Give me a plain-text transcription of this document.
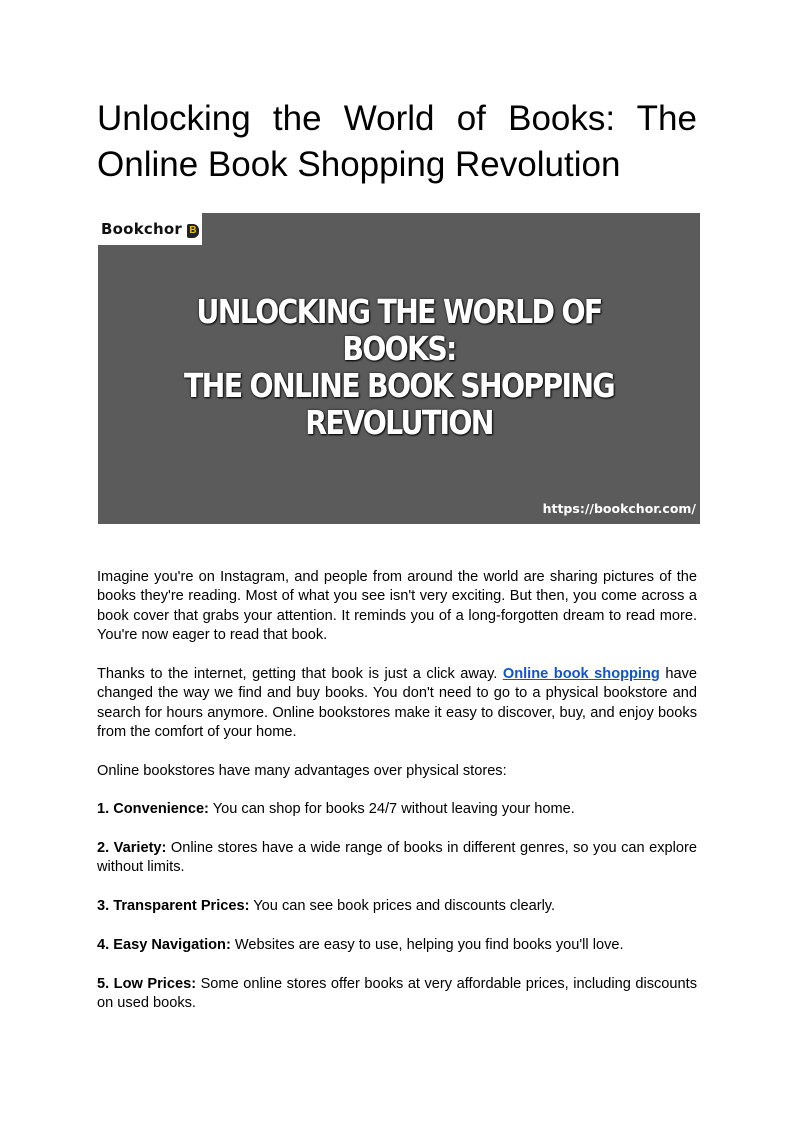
Unlocking the World of Books: The Online Book Shopping Revolution
Bookchor B
UNLOCKING THE WORLD OF
BOOKS:
THE ONLINE BOOK SHOPPING
REVOLUTION
https://bookchor.com/

Imagine you're on Instagram, and people from around the world are sharing pictures of the books they're reading. Most of what you see isn't very exciting. But then, you come across a book cover that grabs your attention. It reminds you of a long-forgotten dream to read more. You're now eager to read that book.

Thanks to the internet, getting that book is just a click away. Online book shopping have changed the way we find and buy books. You don't need to go to a physical bookstore and search for hours anymore. Online bookstores make it easy to discover, buy, and enjoy books from the comfort of your home.

Online bookstores have many advantages over physical stores:

1. Convenience: You can shop for books 24/7 without leaving your home.

2. Variety: Online stores have a wide range of books in different genres, so you can explore without limits.

3. Transparent Prices: You can see book prices and discounts clearly.

4. Easy Navigation: Websites are easy to use, helping you find books you'll love.

5. Low Prices: Some online stores offer books at very affordable prices, including discounts on used books.
